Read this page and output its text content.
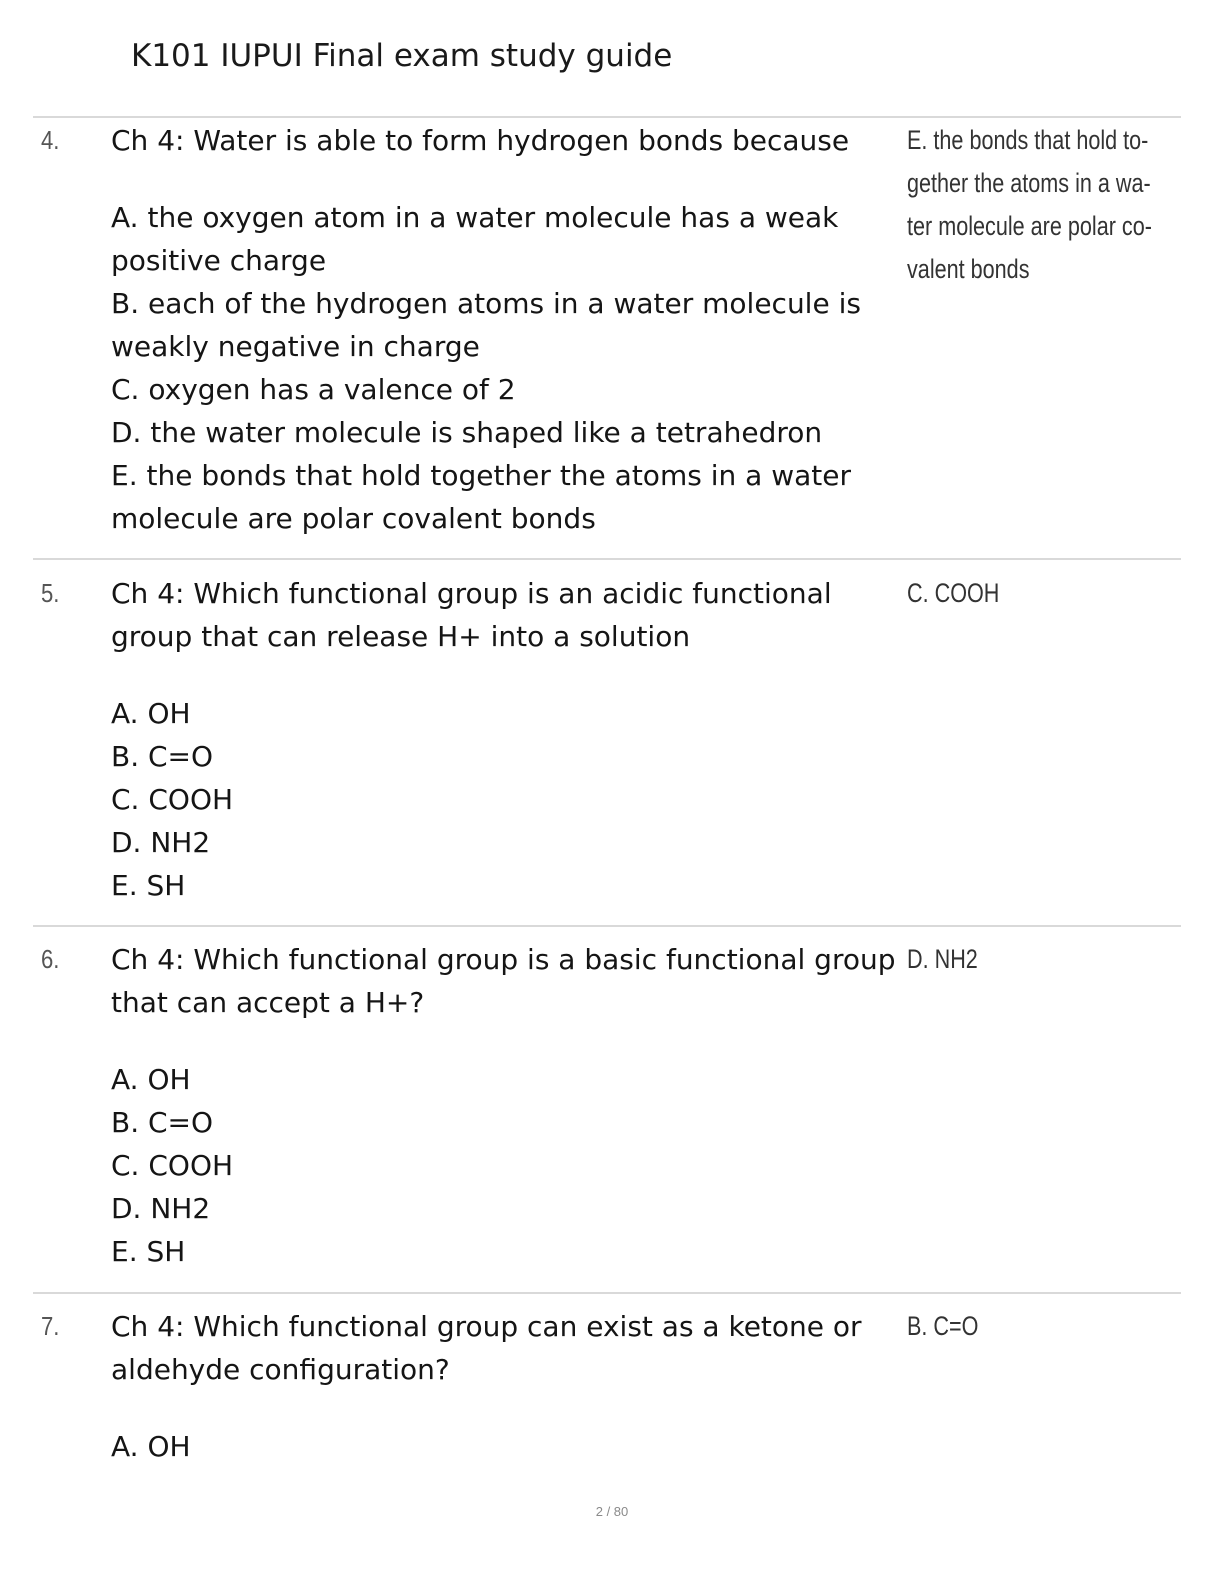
K101 IUPUI Final exam study guide
4. Ch 4: Water is able to form hydrogen bonds because

A. the oxygen atom in a water molecule has a weak positive charge
B. each of the hydrogen atoms in a water molecule is weakly negative in charge
C. oxygen has a valence of 2
D. the water molecule is shaped like a tetrahedron
E. the bonds that hold together the atoms in a water molecule are polar covalent bonds
E. the bonds that hold to-
gether the atoms in a wa-
ter molecule are polar co-
valent bonds
5. Ch 4: Which functional group is an acidic functional group that can release H+ into a solution

A. OH
B. C=O
C. COOH
D. NH2
E. SH
C. COOH
6. Ch 4: Which functional group is a basic functional group that can accept a H+?

A. OH
B. C=O
C. COOH
D. NH2
E. SH
D. NH2
7. Ch 4: Which functional group can exist as a ketone or aldehyde configuration?

A. OH
B. C=O
2 / 80
